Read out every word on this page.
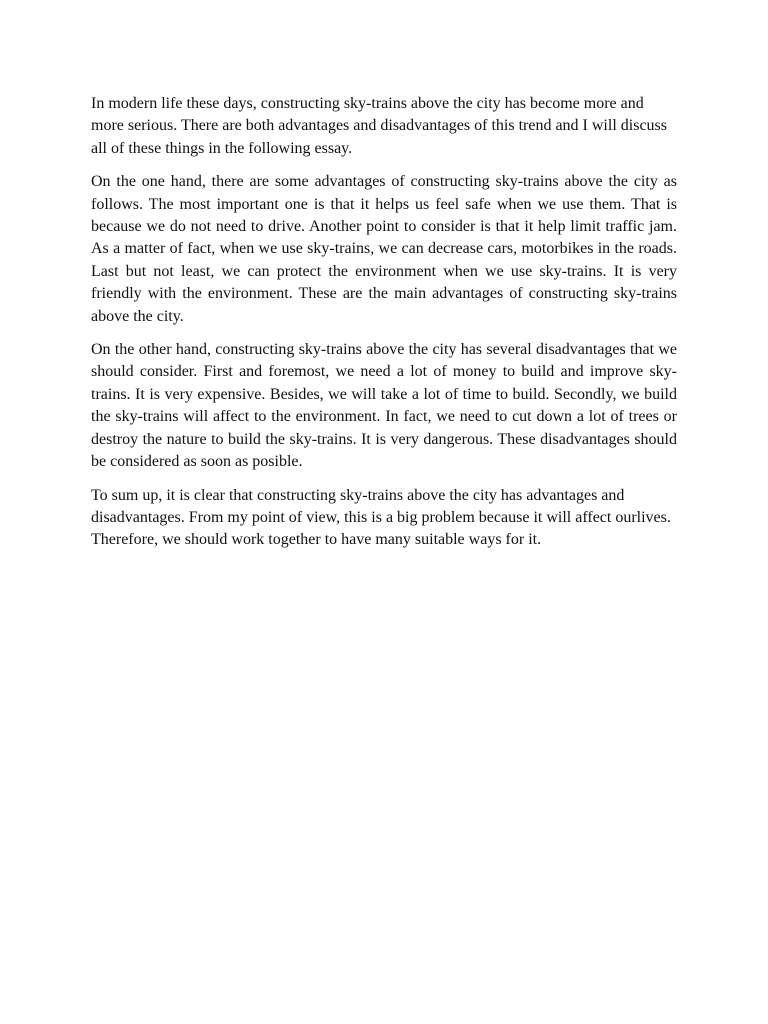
In modern life these days, constructing sky-trains above the city has become more and more serious. There are both advantages and disadvantages of this trend and I will discuss all of these things in the following essay.

On the one hand, there are some advantages of constructing sky-trains above the city as follows. The most important one is that it helps us feel safe when we use them. That is because we do not need to drive. Another point to consider is that it help limit traffic jam. As a matter of fact, when we use sky-trains, we can decrease cars, motorbikes in the roads. Last but not least, we can protect the environment when we use sky-trains. It is very friendly with the environment. These are the main advantages of constructing sky-trains above the city.

On the other hand, constructing sky-trains above the city has several disadvantages that we should consider. First and foremost, we need a lot of money to build and improve sky-trains. It is very expensive. Besides, we will take a lot of time to build. Secondly, we build the sky-trains will affect to the environment. In fact, we need to cut down a lot of trees or destroy the nature to build the sky-trains. It is very dangerous. These disadvantages should be considered as soon as posible.

To sum up, it is clear that constructing sky-trains above the city has advantages and disadvantages. From my point of view, this is a big problem because it will affect ourlives. Therefore, we should work together to have many suitable ways for it.
